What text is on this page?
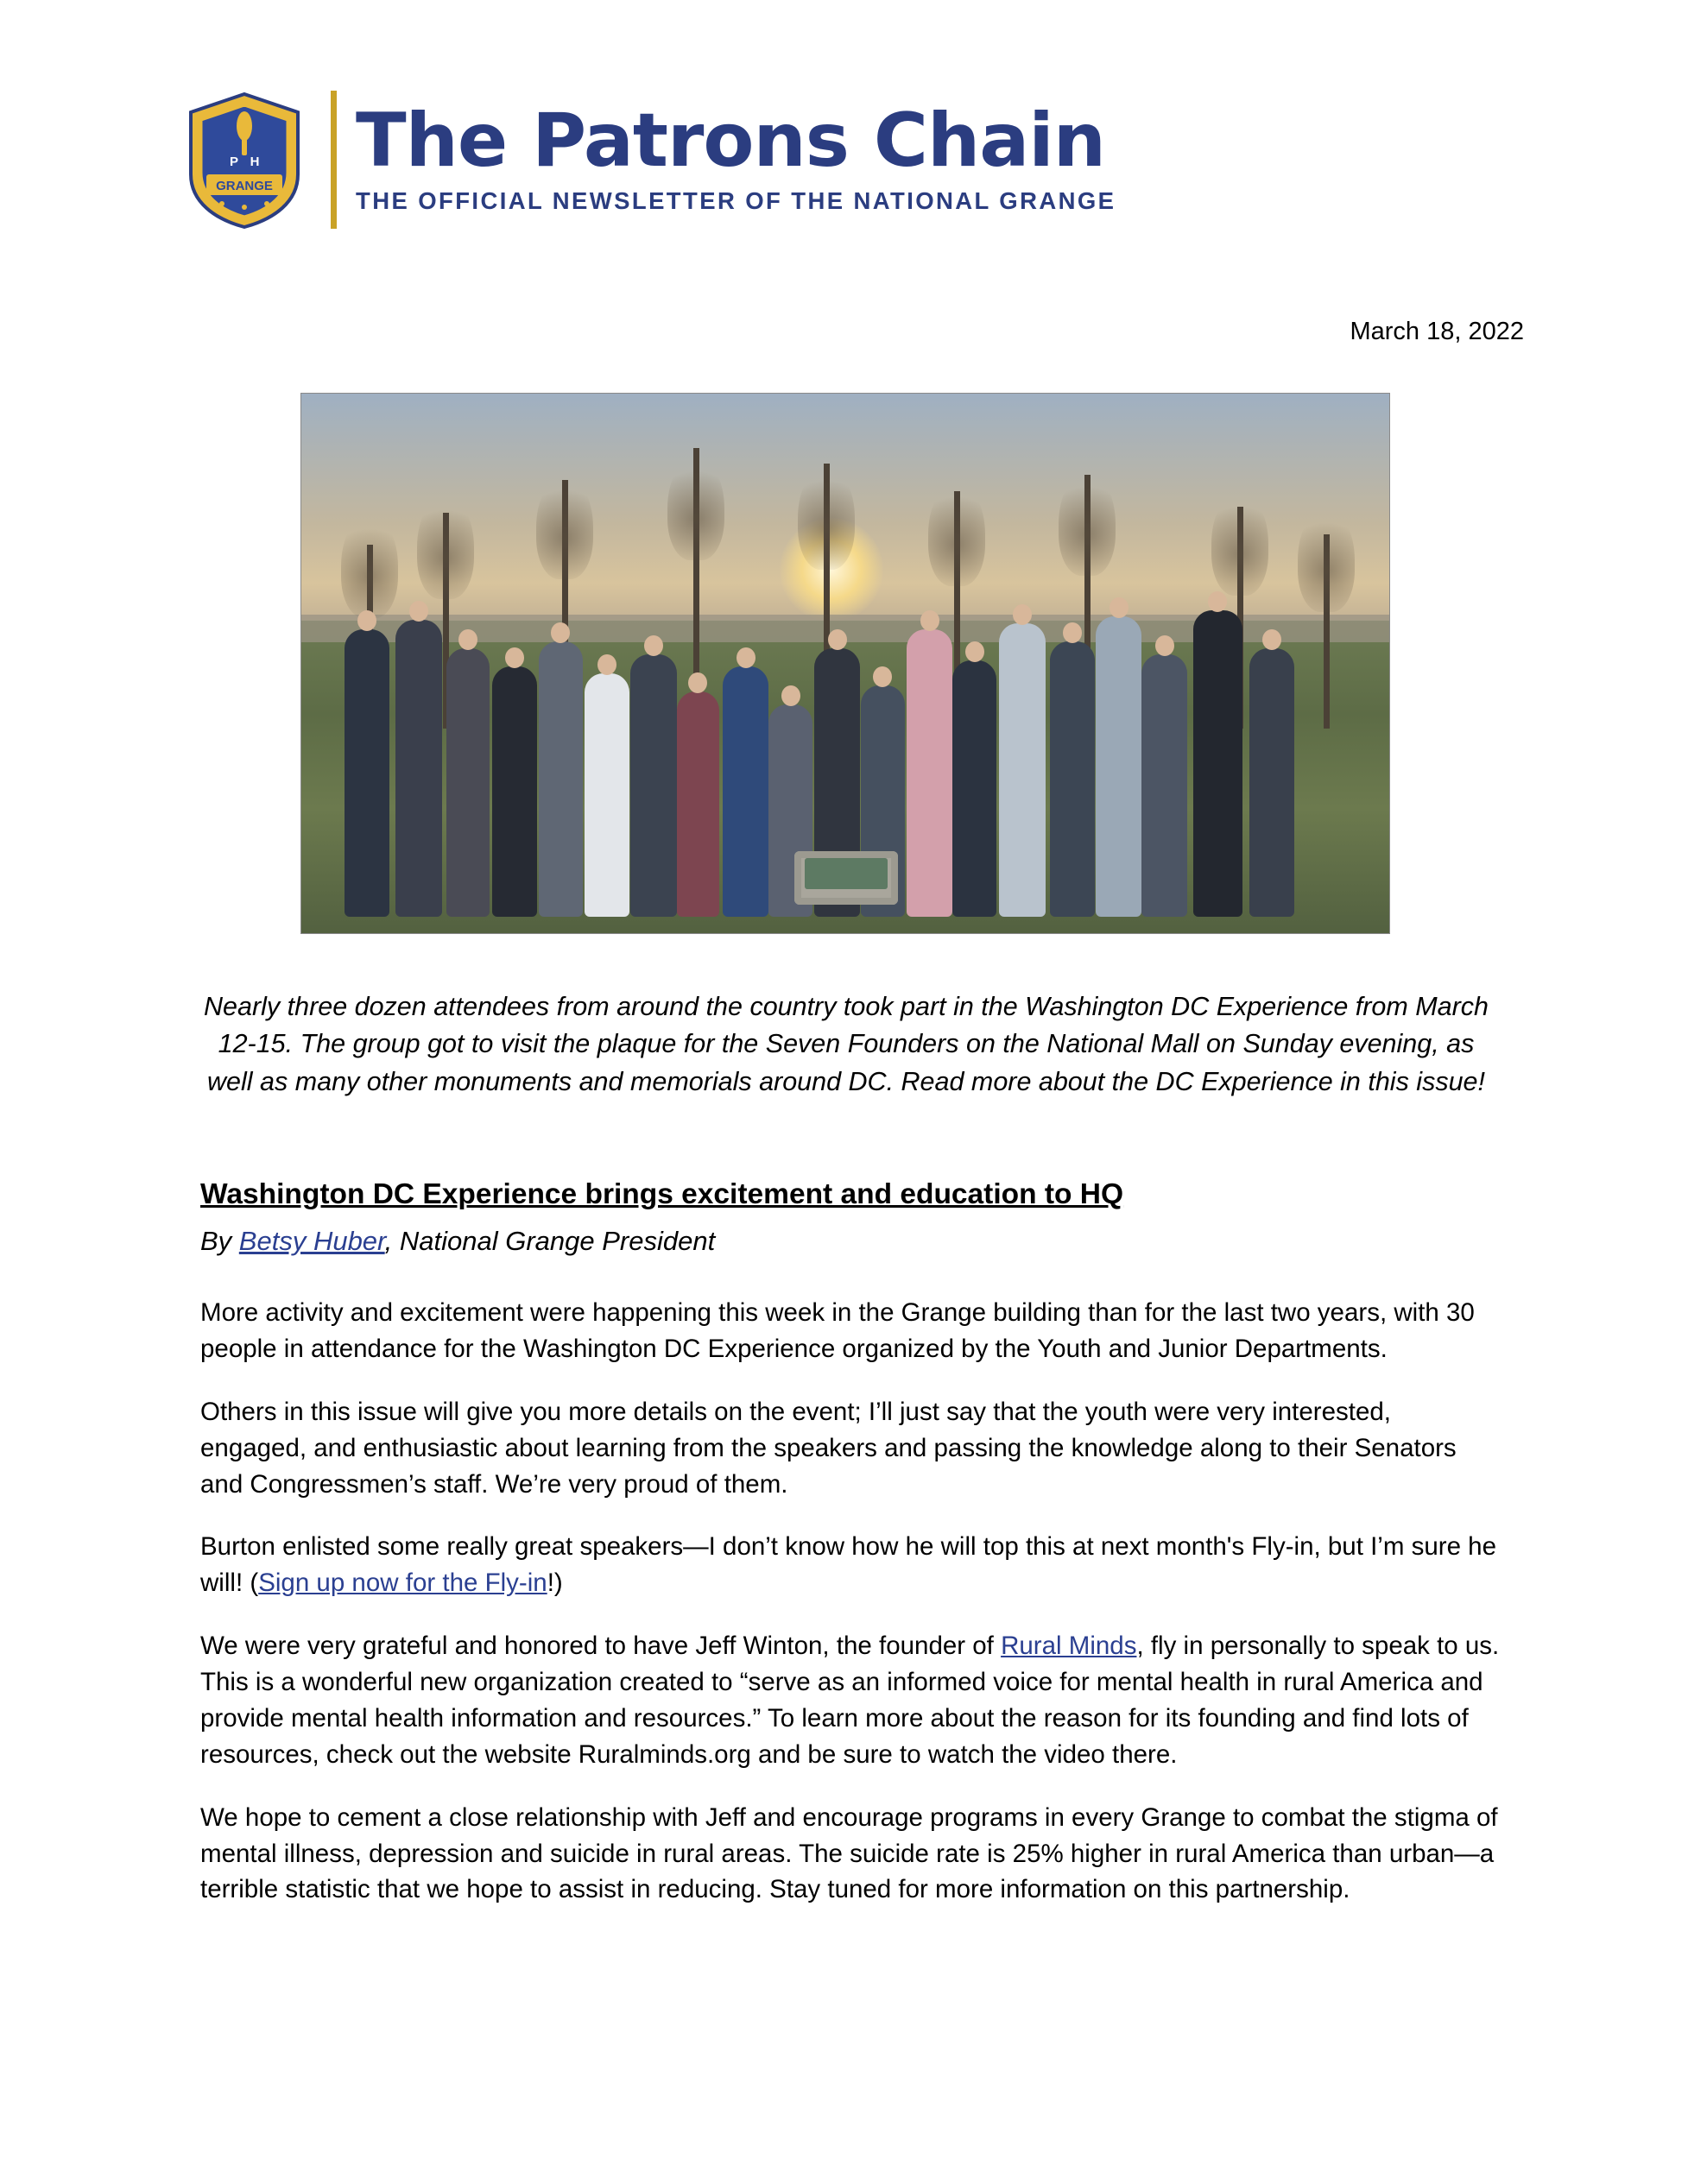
P H
GRANGE
The Patrons Chain
THE OFFICIAL NEWSLETTER OF THE NATIONAL GRANGE
March 18, 2022
Nearly three dozen attendees from around the country took part in the Washington DC Experience from March 12-15. The group got to visit the plaque for the Seven Founders on the National Mall on Sunday evening, as well as many other monuments and memorials around DC. Read more about the DC Experience in this issue!
Washington DC Experience brings excitement and education to HQ
By Betsy Huber, National Grange President

More activity and excitement were happening this week in the Grange building than for the last two years, with 30 people in attendance for the Washington DC Experience organized by the Youth and Junior Departments.

Others in this issue will give you more details on the event; I’ll just say that the youth were very interested, engaged, and enthusiastic about learning from the speakers and passing the knowledge along to their Senators and Congressmen’s staff. We’re very proud of them.

Burton enlisted some really great speakers—I don’t know how he will top this at next month's Fly-in, but I’m sure he will! (Sign up now for the Fly-in!)

We were very grateful and honored to have Jeff Winton, the founder of Rural Minds, fly in personally to speak to us. This is a wonderful new organization created to “serve as an informed voice for mental health in rural America and provide mental health information and resources.” To learn more about the reason for its founding and find lots of resources, check out the website Ruralminds.org and be sure to watch the video there.

We hope to cement a close relationship with Jeff and encourage programs in every Grange to combat the stigma of mental illness, depression and suicide in rural areas. The suicide rate is 25% higher in rural America than urban—a terrible statistic that we hope to assist in reducing. Stay tuned for more information on this partnership.
